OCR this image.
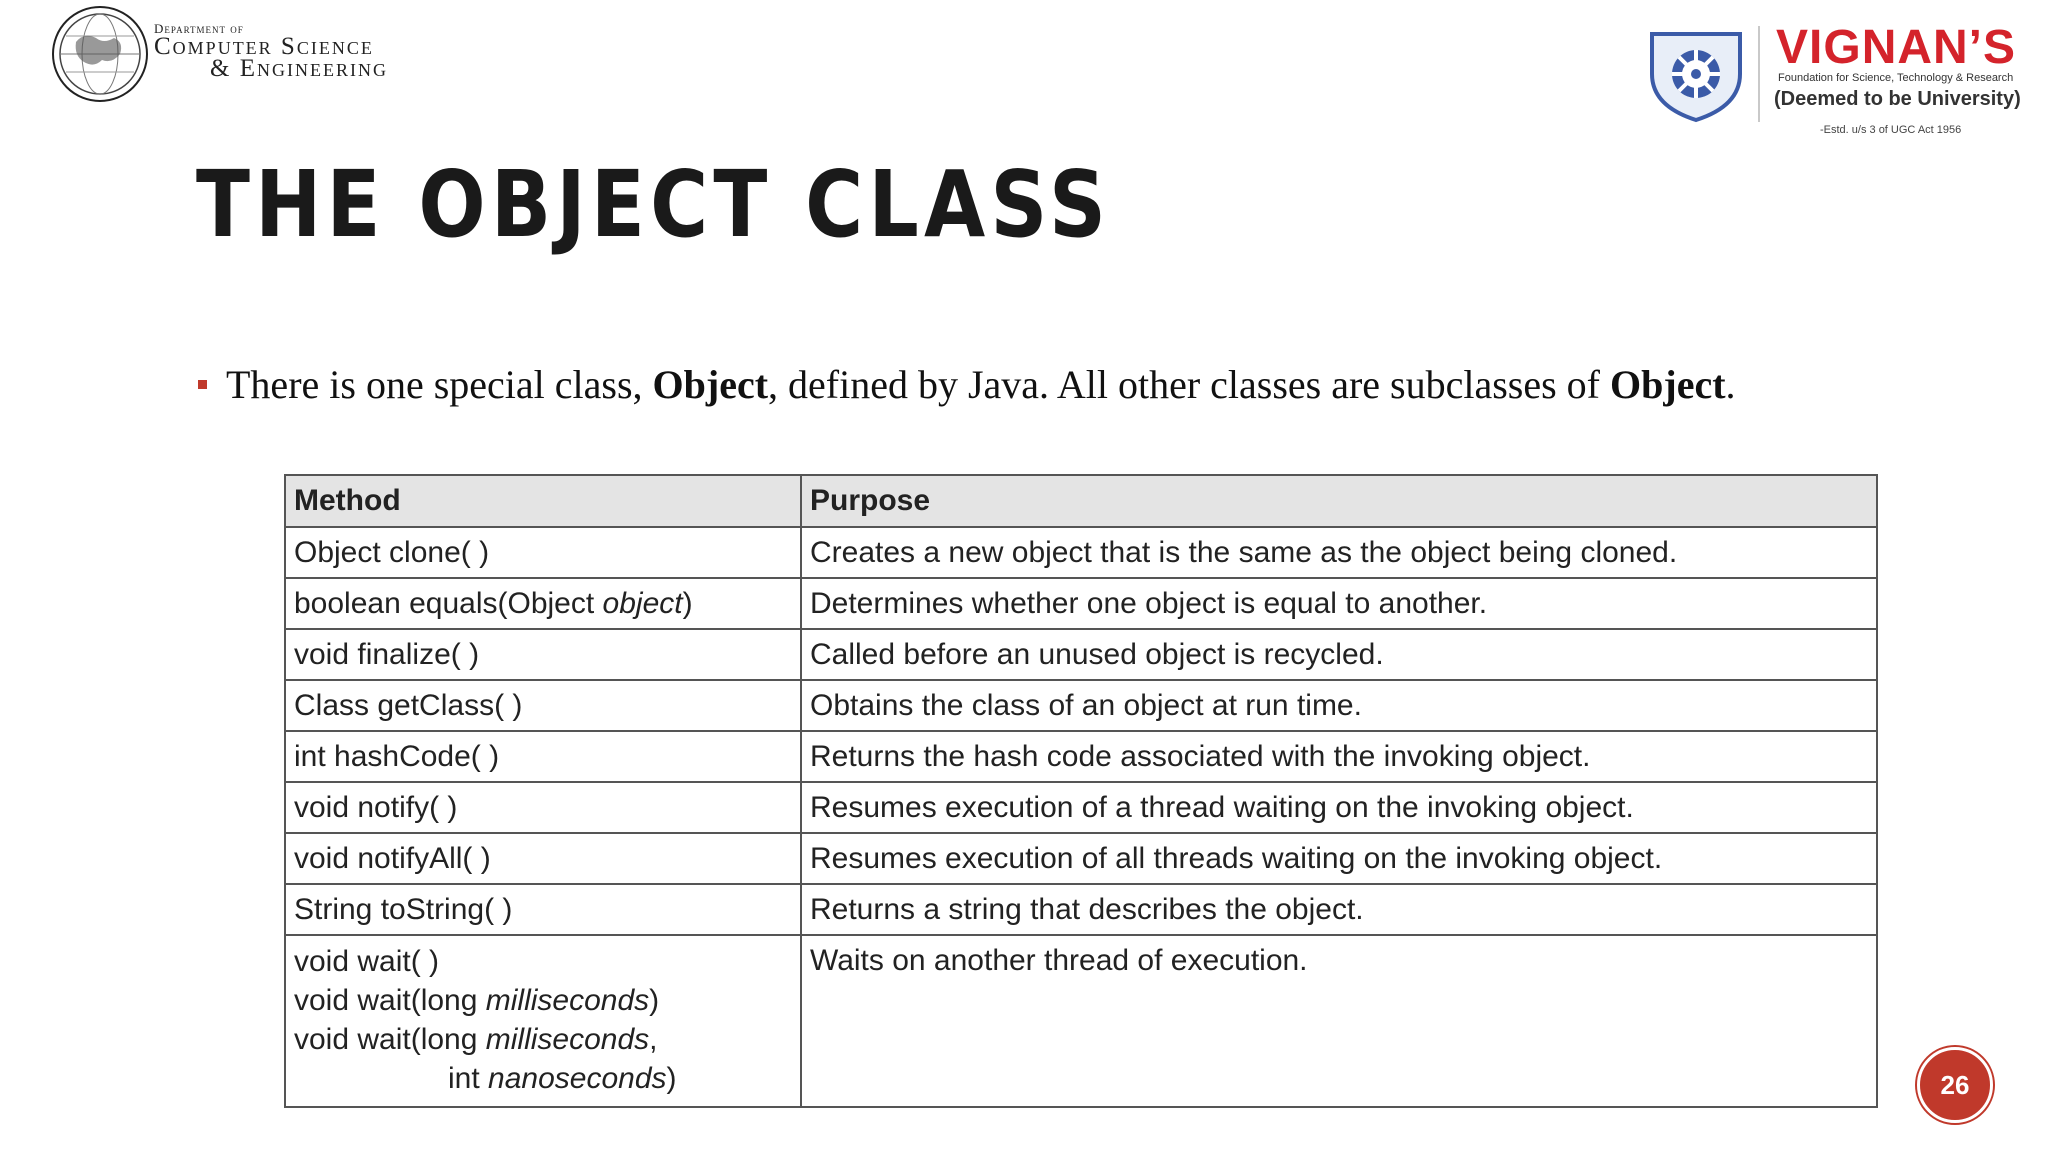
Department of
Computer Science
& Engineering	VIGNAN’S
Foundation for Science, Technology & Research
(Deemed to be University)
-Estd. u/s 3 of UGC Act 1956
THE OBJECT CLASS
There is one special class, Object, defined by Java. All other classes are subclasses of Object.
Method	Purpose
Object clone( )	Creates a new object that is the same as the object being cloned.
boolean equals(Object object)	Determines whether one object is equal to another.
void finalize( )	Called before an unused object is recycled.
Class getClass( )	Obtains the class of an object at run time.
int hashCode( )	Returns the hash code associated with the invoking object.
void notify( )	Resumes execution of a thread waiting on the invoking object.
void notifyAll( )	Resumes execution of all threads waiting on the invoking object.
String toString( )	Returns a string that describes the object.

void wait( )
void wait(long milliseconds)
void wait(long milliseconds,
int nanoseconds)	Waits on another thread of execution.
26
